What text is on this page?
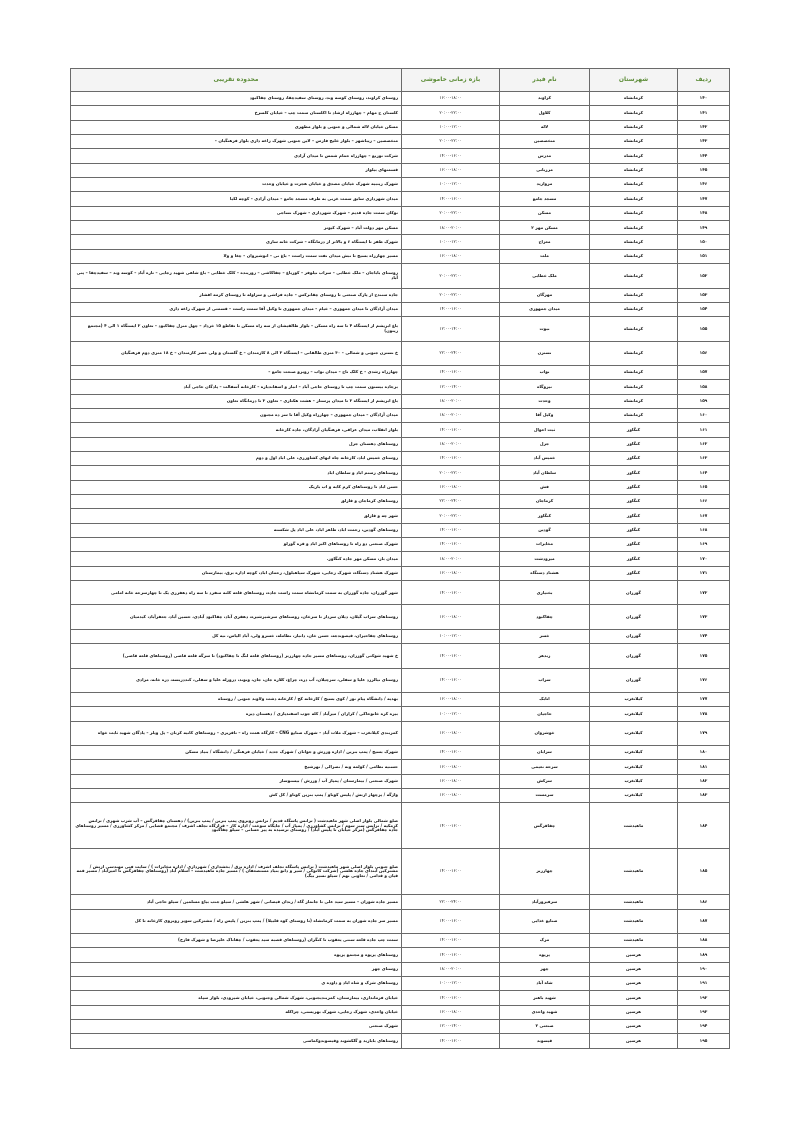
ردیف	شهرستان	نام فیدر	بازه زمانی خاموشی	محدوده تقریبی
۱۴۰	کرمانشاه	کراوند	۱۶:۰۰-۱۸:۰۰	روستای کراوند، روستای کوسه وند، روستای سفیدچقا، روستای چقاکبود
۱۴۱	کرمانشاه	کلاول	۲۰:۰۰-۲۲:۰۰	کلستان ج مهام – چهارراه ارشاد تا اکلستان سمت چپ – خیابان کلسرخ
۱۴۲	کرمانشاه	لاله	۱۰:۰۰-۱۲:۰۰	مسکن خیابان لاله شمالی و جنوبی و بلوار مطهری
۱۴۳	کرمانشاه	متخصصین	۲۰:۰۰-۲۲:۰۰	متخصصین – زیباشهر – بلوار خلیج فارس – لاین جنوبی شهرک زاغه داری بلوار فرهنگیان –
۱۴۴	کرمانشاه	مدرس	۱۴:۰۰-۱۶:۰۰	شرکت توزیع – چهارراه حمام شمس تا میدان آزادی
۱۴۵	کرمانشاه	مرزبانی	۱۶:۰۰-۱۸:۰۰	قسمتهای بیلوار
۱۴۶	کرمانشاه	مروارید	۱۰:۰۰-۱۲:۰۰	شهرک زینبیه شهرک خیابان مصدق و خیابان هجرت و خیابان وحدت
۱۴۷	کرمانشاه	مسجد جامع	۱۴:۰۰-۱۶:۰۰	میدان شهرداری سابق سمت غربی به طرف مسجد جامع – میدان آزادی – کوچه لکیا
۱۴۸	کرمانشاه	مسکن	۲۰:۰۰-۲۲:۰۰	نوکان سمت جاده قدیم – شهرک شهرداری – شهرک نساجی
۱۴۹	کرمانشاه	مسکن مهر ۲	۱۸:۰۰-۲۰:۰۰	مسکن مهر دولت آباد – شهرک کیوتر
۱۵۰	کرمانشاه	معراج	۱۰:۰۰-۱۲:۰۰	شهرک ظفر تا ایستگاه ۶ و بالاتر از درمانگاه – شرکت خانه سازی
۱۵۱	کرمانشاه	ملت	۱۶:۰۰-۱۸:۰۰	مسیر چهارراه بسیج تا نبش میدان نفت سمت راست – باغ نی – انوشیروان – چغا و ولا
۱۵۲	کرمانشاه	ملک خطابی	۲۰:۰۰-۲۲:۰۰	روستای باباجان – ملک خطابی – سراب نیلوفر – کوریاغ – چقاکاشی – روزبنده – کلک خطابی – باغ شاهی شهید رجایی – تازه آباد – کوسه وند – سفیدچقا – پتی آباد
۱۵۳	کرمانشاه	مهرگان	۲۰:۰۰-۲۲:۰۰	جاده سنندج از پارک صنعتی تا روستای چقانرکس – جاده فراشی و سراوله تا روستای کرمه افشار
۱۵۴	کرمانشاه	میدان جمهوری	۱۴:۰۰-۱۶:۰۰	میدان آزادگان تا میدان جمهوری – خیام – میدان جمهوری تا وکیل آقا سمت راست – قسمتی از شهرک زاغه داری
۱۵۵	کرمانشاه	نبوت	۱۲:۰۰-۱۴:۰۰	باغ ابریشم از ایستگاه ۴ تا سه راه مسکن – بلوار طالقیشان از سه راه مسکن تا تقاطع ۱۵ خرداد – چهل منزل چقاکبود – تعاون ۲ ایستگاه ۱ الی ۴ (مجتمع زیتون)
۱۵۶	کرمانشاه	نسترن	۲۲:۰۰-۲۴:۰۰	خ نسترن جنوبی و شمالی – ۳۰ متری طالقانی – ایستگاه ۲ الی ۸ کارمندان – خ گلستان و ولی عصر کارمندان – خ ۱۸ متری دوم فرهنگیان
۱۵۷	کرمانشاه	نواب	۱۴:۰۰-۱۶:۰۰	چهارراه رشدی – خ کلک تاج – میدان نواب – روبرو صنعت جامع –
۱۵۸	کرمانشاه	نیروگاه	۱۲:۰۰-۱۴:۰۰	برجاده بیستون سمت چپ تا روستای حاجی آباد – انبار و اسفاندیاره – کارخانه آسفالت – پادگان حاجی آباد
۱۵۹	کرمانشاه	وحدت	۱۸:۰۰-۲۰:۰۰	باغ ابریشم از ایستگاه ۲ تا میدان پرستار – هشت هکتاری – تعاون ۳ تا درمانگاه تعاون
۱۶۰	کرمانشاه	وکیل آقا	۱۸:۰۰-۲۰:۰۰	میدان آزادگان – میدان جمهوری – چهارراه وکیل آقا تا سر ده مجنون
۱۶۱	کنگاور	ثبت احوال	۱۴:۰۰-۱۶:۰۰	بلوار انقلاب، میدان عراقی، فرهنگیان آزادگان، جاده کارخانه
۱۶۲	کنگاور	جزل	۱۸:۰۰-۲۰:۰۰	روستاهای دهستان جزل
۱۶۳	کنگاور	خمیس آباد	۱۴:۰۰-۱۶:۰۰	روستای خمیس اباد، کارخانه چاه ابهای کشاورزی، علی اباد اول و دوم
۱۶۴	کنگاور	سلطان آباد	۲۰:۰۰-۲۲:۰۰	روستاهای رستم اباد و سلطان اباد
۱۶۵	کنگاور	فش	۱۶:۰۰-۱۸:۰۰	حسن اباد تا روستاهای کرم کابه و اب باریک
۱۶۶	کنگاور	کرماجان	۲۲:۰۰-۲۴:۰۰	روستاهای کرماجان و قارلق
۱۶۷	کنگاور	کنگاور	۲۰:۰۰-۲۲:۰۰	شهر چه و قارلق
۱۶۸	کنگاور	گودین	۱۴:۰۰-۱۶:۰۰	روستاهای گودین، رحمت اباد، طاهر اباد، علی اباد پل شکسته
۱۶۹	کنگاور	مخابرات	۱۴:۰۰-۱۶:۰۰	شهرک صنعتی دو راه تا روستاهای اکبر اباد و قره گوزلو
۱۷۰	کنگاور	میرودشت	۱۸:۰۰-۲۰:۰۰	میدان باز، مسکن مهر جاده کنگاور.
۱۷۱	کنگاور	هشتاد دستگاه	۱۶:۰۰-۱۸:۰۰	شهرک هشتاد دستگاه، شهرک رجایی، شهرک سیاهبلول، رحمان اباد، کوچه اداره برق، بیمارستان
۱۷۲	گوزران	بختیاری	۱۴:۰۰-۱۶:۰۰	شهر گوزران، جاده گوزران به سمت کرمانشاه سمت راست جاده، روستاهای قلعه کلنه منفرد تا سه راه دهفرزی یک تا چهارسرحه خانه امامی
۱۷۳	گوزران	چقاکبود	۱۶:۰۰-۱۸:۰۰	روستاهای سراب گیلان، دیلان سردار تا سرخان، روستاهای سرشیرشیره، دهقری آباد، چقاکبود آبادی، حسین آباد، جعفرآباد، کیدمیان
۱۷۴	گوزران	خسر	۱۰:۰۰-۱۲:۰۰	روستاهای چقاحیران، قیصوندجه، حسن خان، دانیار، نظامله، خسرو ولی، آباد الیاس، نیه کل
۱۷۵	گوزران	زندهر	۱۴:۰۰-۱۶:۰۰	خ شهید شوکتی گوزران، روستاهای مسیر جاده چهارزبر (روستاهای قلعه لنگ تا چقاکبود) تا سرگه قلعه قاضی (روستاهای قلعه قاضی)
۱۷۶	گوزران	سراب	۱۴:۰۰-۱۶:۰۰	روستای نیالزرد علیا و سفلی، سرچیلان، آب دره، چراغ، کلاره جان، جان، ونوند، دروزله علیا و سفلی، کنددربسه، دره خانه، مرادی
۱۷۷	کیلانغرب	اتابک	۱۶:۰۰-۱۸:۰۰	بهدیه / دانشگاه پیام نور / کوی بسیج / کارخانه کج / کارخانه دشت ولاوند جنوبی / روستاه
۱۷۸	کیلانغرب	حاجیان	۱۰:۰۰-۱۲:۰۰	بیره کره خانوحاکی / کزاران / میرآباد / کله جوب اسفندیاری / دهستان دیره
۱۷۹	کیلانغرب	خوشروان	۱۶:۰۰-۱۸:۰۰	کمربندی کیلانغرب – شهرک ملات آباد – شهرک صنایع CNG – کارگاه همت راه – تاقریری – روستاهای کانیه کرنان – پل ویلز – پادگان شهید ثابت خواه
۱۸۰	کیلانغرب	سرابان	۱۴:۰۰-۱۶:۰۰	شهرک بسیج / پمپ بنزین / اداره ورزش و جوانان / شهرک جدید / خیابان فرهنگی / دانشگاه / بنیاد مسکن
۱۸۱	کیلانغرب	سرحه نعیمی	۱۶:۰۰-۱۸:۰۰	حسنیه نظامی / کولمه ونه / نصرالی / نهرشیخ
۱۸۲	کیلانغرب	سرکش	۱۶:۰۰-۱۸:۰۰	شهرک صنعتی / بیمارستان / پمپاژ آب / ورزش / بیسنوسار
۱۸۳	کیلانغرب	سرمست	۱۶:۰۰-۱۸:۰۰	واژگه / پرچهار ارتش / پلیس کوناو / پمپ بنزین کوناو / کل کش
۱۸۴	ماهیدشت	چقاقرگس	۱۴:۰۰-۱۶:۰۰	ضلع شمالی بلوار اصلی شهر ماهیدشت ( ترانس پاسگاه قدیم / ترانس روبروی پمپ بنزین / پمپ بنزین) / دهستان چقاقرگس – آب شرب شهری / ترانس کرمکیه / ترانس سبز سوم / ترانس کشاورزی / پمپاژ آب / جایگاه سوخت / اداره کار – قرارگاه تجلف اشرف / مجتمع قضایی / مرکز کشاورزی / مسیر روستاهای جاده چقاقرگس (مرکز خیابان تا پلیس آباد) / روستای ترسیده به پیر حسانی – سیلو چقاکبود
۱۸۵	ماهیدشت	چهارزبر	۱۴:۰۰-۱۶:۰۰	ضلع جنوبی بلوار اصلی شهر ماهیدشت ( ترانس پاسگاه تجلف اشرف / اداره برق / بخشداری / شهرداری / اداره مخابرات ) / سایت فنی مهندسی ارتش / مشترکین ابتدای جاده هلشی (شرکت کاتوکی / شیر و دانو بنیاد مستضعفان ) / مسیر جاده ماهیدشت – اسلام آباد (روستاهای چقاقرگس تا امیرآباد / مسیر قمه قیان و قدامی / تعاونی نهم / سیلو نسیر بیگ)
۱۸۶	ماهیدشت	سرفیروزآباد	۲۲:۰۰-۲۴:۰۰	مسیر جاده شوران – مسیر سید علی تا جانماز گاه / زندان قیصانی / شهر هلشی / سیلو جنب بیاع مسلمین / سیلو حاجی آباد
۱۸۷	ماهیدشت	صنایع غذایی	۱۴:۰۰-۱۶:۰۰	مسیر سر جاده شوران به سمت کرمانشاه (تا روستای کوه قلبیلا) / پمپ بنزین / پلیس راه / مشترکین سوپر روبروی کارخانه تا کل
۱۸۸	ماهیدشت	مرک	۱۴:۰۰-۱۶:۰۰	سمت چپ جاده قلعه سنتی یعقوب تا کنگران (روستاهای قصبه سید یعقوب / چقاناک علیرضا و شهرک فارح)
۱۸۹	هرسین	پرپوه	۱۴:۰۰-۱۶:۰۰	روستاهای پرپوه و مجتمع پرپوه
۱۹۰	هرسین	چهر	۱۸:۰۰-۲۰:۰۰	روستای چهر
۱۹۱	هرسین	شاه آباد	۱۰:۰۰-۱۲:۰۰	روستاهای شرک و شاه اباد و داوده ی
۱۹۲	هرسین	شهید باهنر	۱۴:۰۰-۱۶:۰۰	خیابان فرمانداری، بیمارستان، کمربندیجنوبی، شهرک شمالی وجنوبی، خیابان شیرودی، بلوار سپاه
۱۹۳	هرسین	شهید واحدی	۱۶:۰۰-۱۸:۰۰	خیابان واحدی، شهرک رجایی، شهرک بهزیستی، چراکله
۱۹۴	هرسین	صنعتی ۲	۱۲:۰۰-۱۴:۰۰	شهرک صنعتی
۱۹۵	هرسین	قیسوند	۱۴:۰۰-۱۶:۰۰	روستاهای بابازید و گلکشوند وقیسوندوکماسی
